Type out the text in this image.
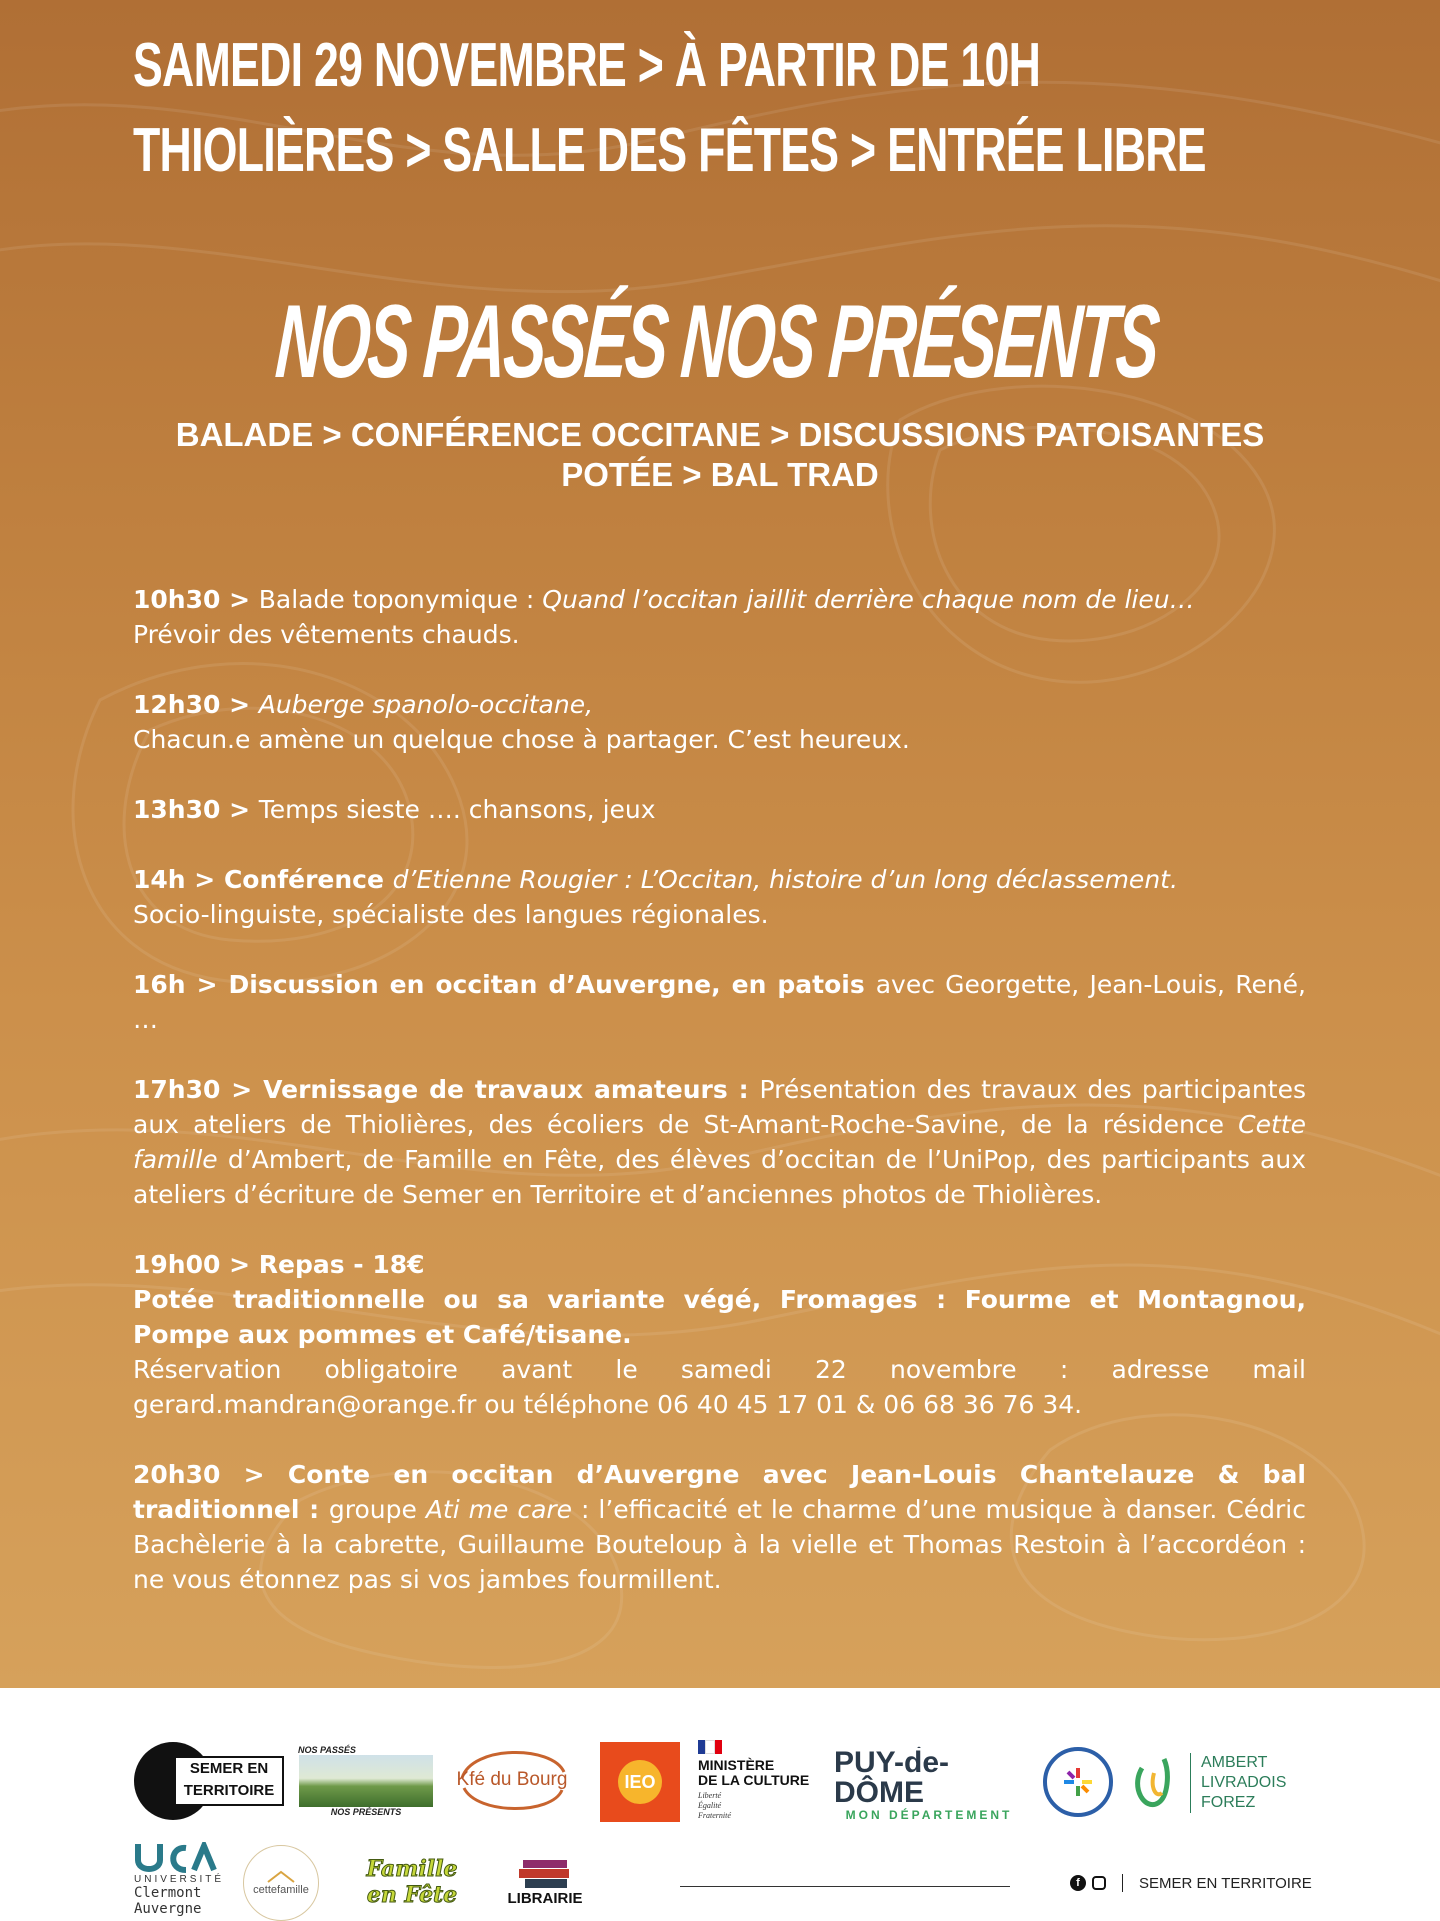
SAMEDI 29 NOVEMBRE > À PARTIR DE 10H
THIOLIÈRES > SALLE DES FÊTES > ENTRÉE LIBRE
NOS PASSÉS NOS PRÉSENTS
BALADE > CONFÉRENCE OCCITANE > DISCUSSIONS PATOISANTES
POTÉE > BAL TRAD
10h30 > Balade toponymique : Quand l’occitan jaillit derrière chaque nom de lieu…
Prévoir des vêtements chauds.
12h30 > Auberge spanolo-occitane,
Chacun.e amène un quelque chose à partager. C’est heureux.
13h30 > Temps sieste …. chansons, jeux
14h > Conférence d’Etienne Rougier : L’Occitan, histoire d’un long déclassement.
Socio-linguiste, spécialiste des langues régionales.
16h > Discussion en occitan d’Auvergne, en patois avec Georgette, Jean-Louis, René, …
17h30 > Vernissage de travaux amateurs : Présentation des travaux des participantes aux ateliers de Thiolières, des écoliers de St-Amant-Roche-Savine, de la résidence Cette famille d’Ambert, de Famille en Fête, des élèves d’occitan de l’UniPop, des participants aux ateliers d’écriture de Semer en Territoire et d’anciennes photos de Thiolières.
19h00 > Repas - 18€
Potée traditionnelle ou sa variante végé, Fromages : Fourme et Montagnou, Pompe aux pommes et Café/tisane.
Réservation obligatoire avant le samedi 22 novembre : adresse mail gerard.mandran@orange.fr ou téléphone 06 40 45 17 01 & 06 68 36 76 34.
20h30 > Conte en occitan d’Auvergne avec Jean-Louis Chantelauze & bal traditionnel : groupe Ati me care : l’efficacité et le charme d’une musique à danser. Cédric Bachèlerie à la cabrette, Guillaume Bouteloup à la vielle et Thomas Restoin à l’accordéon : ne vous étonnez pas si vos jambes fourmillent.
SEMER EN
TERRITOIRE
NOS PASSÉS
NOS PRÉSENTS
Kfé du Bourg	IEO
MINISTÈRE
DE LA CULTURE
Liberté
Égalité
Fraternité
PUY-de-DÔME
MON DÉPARTEMENT
AMBERT
LIVRADOIS
FOREZ
UNIVERSITÉ
Clermont
Auvergne
cettefamille
Famille en Fête	LIBRAIRIE
f	SEMER EN TERRITOIRE
